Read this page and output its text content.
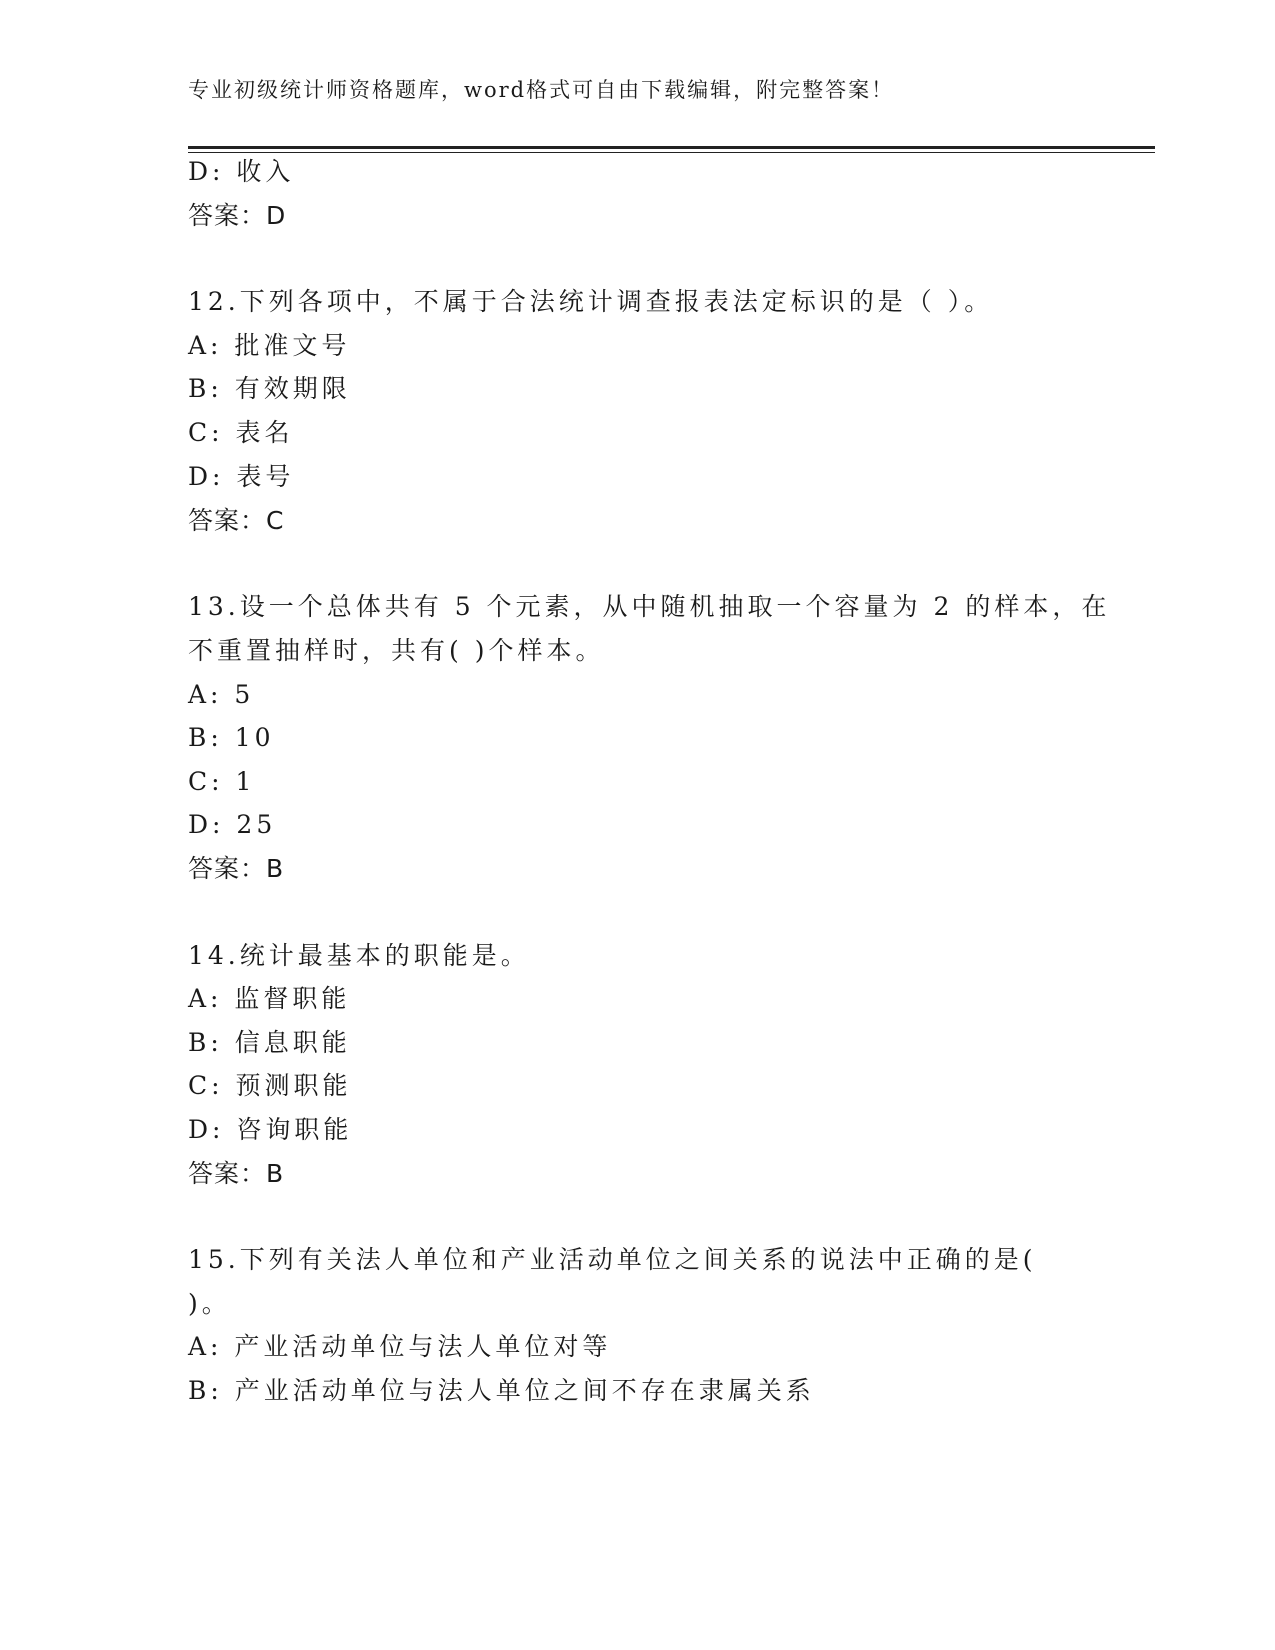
专业初级统计师资格题库，word格式可自由下载编辑，附完整答案！
D: 收入
答案：D
12.下列各项中，不属于合法统计调查报表法定标识的是（ ）。
A: 批准文号
B: 有效期限
C: 表名
D: 表号
答案：C
13.设一个总体共有 5 个元素，从中随机抽取一个容量为 2 的样本，在
不重置抽样时，共有( )个样本。
A: 5
B: 10
C: 1
D: 25
答案：B
14.统计最基本的职能是。
A: 监督职能
B: 信息职能
C: 预测职能
D: 咨询职能
答案：B
15.下列有关法人单位和产业活动单位之间关系的说法中正确的是(
)。
A: 产业活动单位与法人单位对等
B: 产业活动单位与法人单位之间不存在隶属关系
